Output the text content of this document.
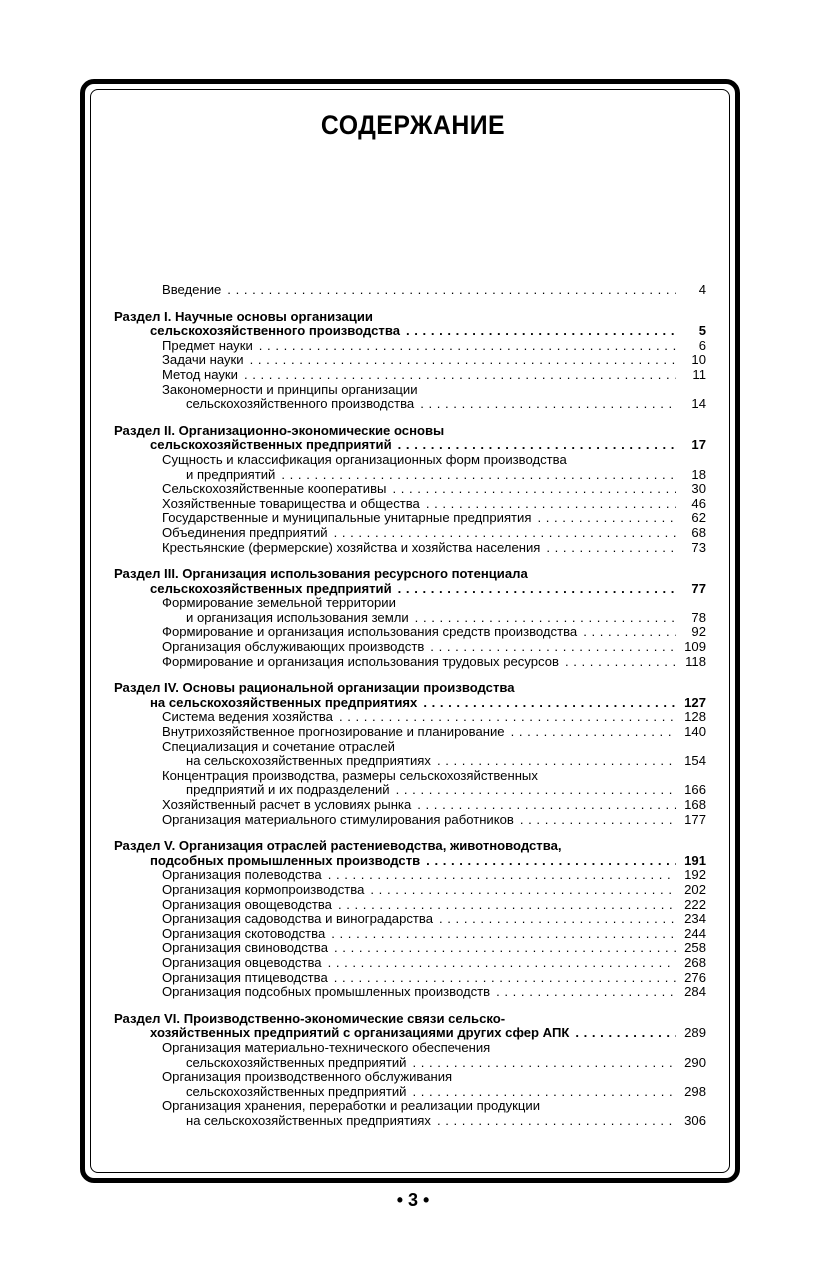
СОДЕРЖАНИЕ
Введение . . .	4
Раздел I. Научные основы организации
сельскохозяйственного производства . . .	5
Предмет науки . . .	6
Задачи науки . . .	10
Метод науки . . .	11
Закономерности и принципы организации
сельскохозяйственного производства . . .	14
Раздел II. Организационно-экономические основы
сельскохозяйственных предприятий . . .	17
Сущность и классификация организационных форм производства
и предприятий . . .	18
Сельскохозяйственные кооперативы . . .	30
Хозяйственные товарищества и общества . . .	46
Государственные и муниципальные унитарные предприятия . . .	62
Объединения предприятий . . .	68
Крестьянские (фермерские) хозяйства и хозяйства населения . . .	73
Раздел III. Организация использования ресурсного потенциала
сельскохозяйственных предприятий . . .	77
Формирование земельной территории
и организация использования земли . . .	78
Формирование и организация использования средств производства . . .	92
Организация обслуживающих производств . . .	109
Формирование и организация использования трудовых ресурсов . . .	118
Раздел IV. Основы рациональной организации производства
на сельскохозяйственных предприятиях . . .	127
Система ведения хозяйства . . .	128
Внутрихозяйственное прогнозирование и планирование . . .	140
Специализация и сочетание отраслей
на сельскохозяйственных предприятиях . . .	154
Концентрация производства, размеры сельскохозяйственных
предприятий и их подразделений . . .	166
Хозяйственный расчет в условиях рынка . . .	168
Организация материального стимулирования работников . . .	177
Раздел V. Организация отраслей растениеводства, животноводства,
подсобных промышленных производств . . .	191
Организация полеводства . . .	192
Организация кормопроизводства . . .	202
Организация овощеводства . . .	222
Организация садоводства и виноградарства . . .	234
Организация скотоводства . . .	244
Организация свиноводства . . .	258
Организация овцеводства . . .	268
Организация птицеводства . . .	276
Организация подсобных промышленных производств . . .	284
Раздел VI. Производственно-экономические связи сельско-
хозяйственных предприятий с организациями других сфер АПК . . .	289
Организация материально-технического обеспечения
сельскохозяйственных предприятий . . .	290
Организация производственного обслуживания
сельскохозяйственных предприятий . . .	298
Организация хранения, переработки и реализации продукции
на сельскохозяйственных предприятиях . . .	306
• 3 •
